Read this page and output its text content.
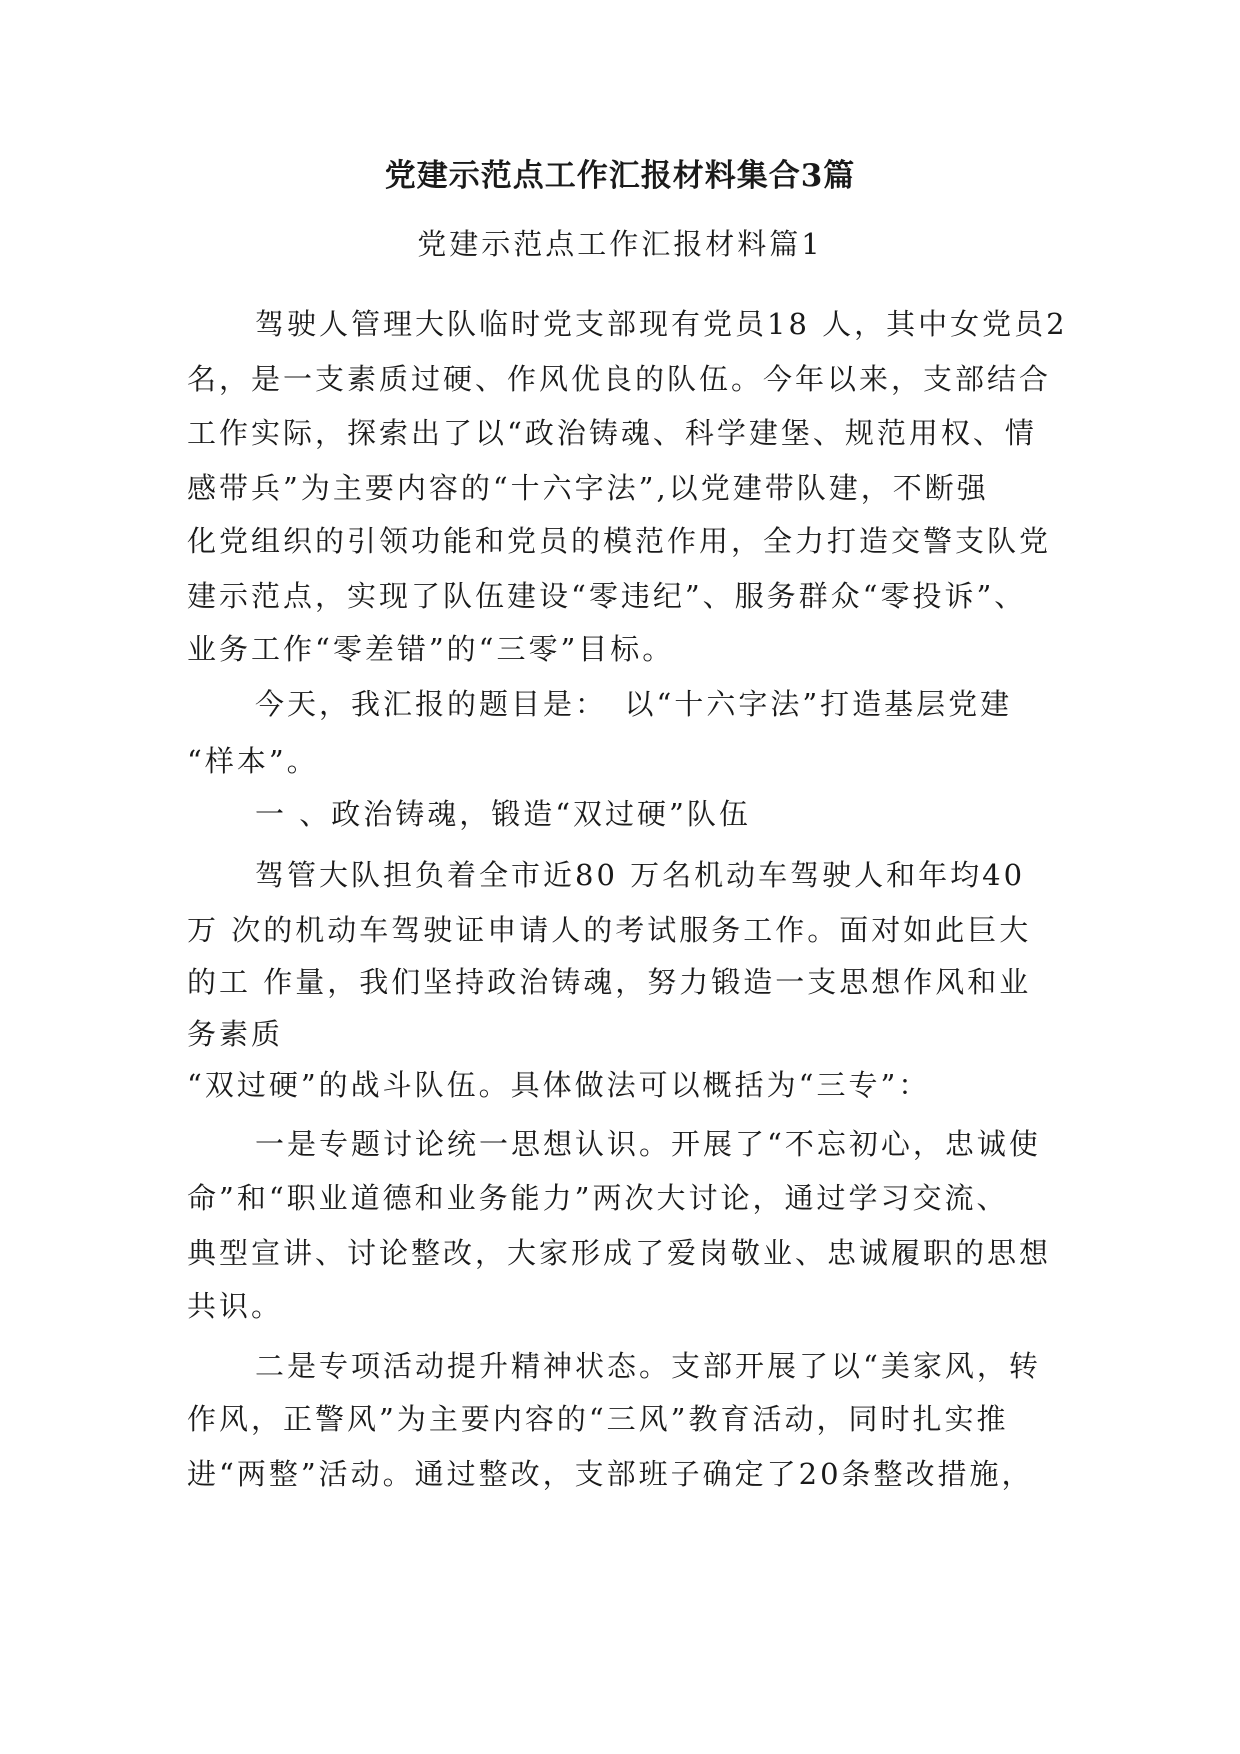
党建示范点工作汇报材料集合3篇
党建示范点工作汇报材料篇1
驾驶人管理大队临时党支部现有党员18 人，其中女党员2
名，是一支素质过硬、作风优良的队伍。今年以来，支部结合
工作实际，探索出了以“政治铸魂、科学建堡、规范用权、情
感带兵”为主要内容的“十六字法”,以党建带队建，不断强
化党组织的引领功能和党员的模范作用，全力打造交警支队党
建示范点，实现了队伍建设“零违纪”、服务群众“零投诉”、
业务工作“零差错”的“三零”目标。
今天，我汇报的题目是：　以“十六字法”打造基层党建
“样本”。
一 、政治铸魂，锻造“双过硬”队伍
驾管大队担负着全市近80 万名机动车驾驶人和年均40
万 次的机动车驾驶证申请人的考试服务工作。面对如此巨大
的工 作量，我们坚持政治铸魂，努力锻造一支思想作风和业
务素质
“双过硬”的战斗队伍。具体做法可以概括为“三专”：
一是专题讨论统一思想认识。开展了“不忘初心，忠诚使
命”和“职业道德和业务能力”两次大讨论，通过学习交流、
典型宣讲、讨论整改，大家形成了爱岗敬业、忠诚履职的思想
共识。
二是专项活动提升精神状态。支部开展了以“美家风，转
作风，正警风”为主要内容的“三风”教育活动，同时扎实推
进“两整”活动。通过整改，支部班子确定了20条整改措施，
